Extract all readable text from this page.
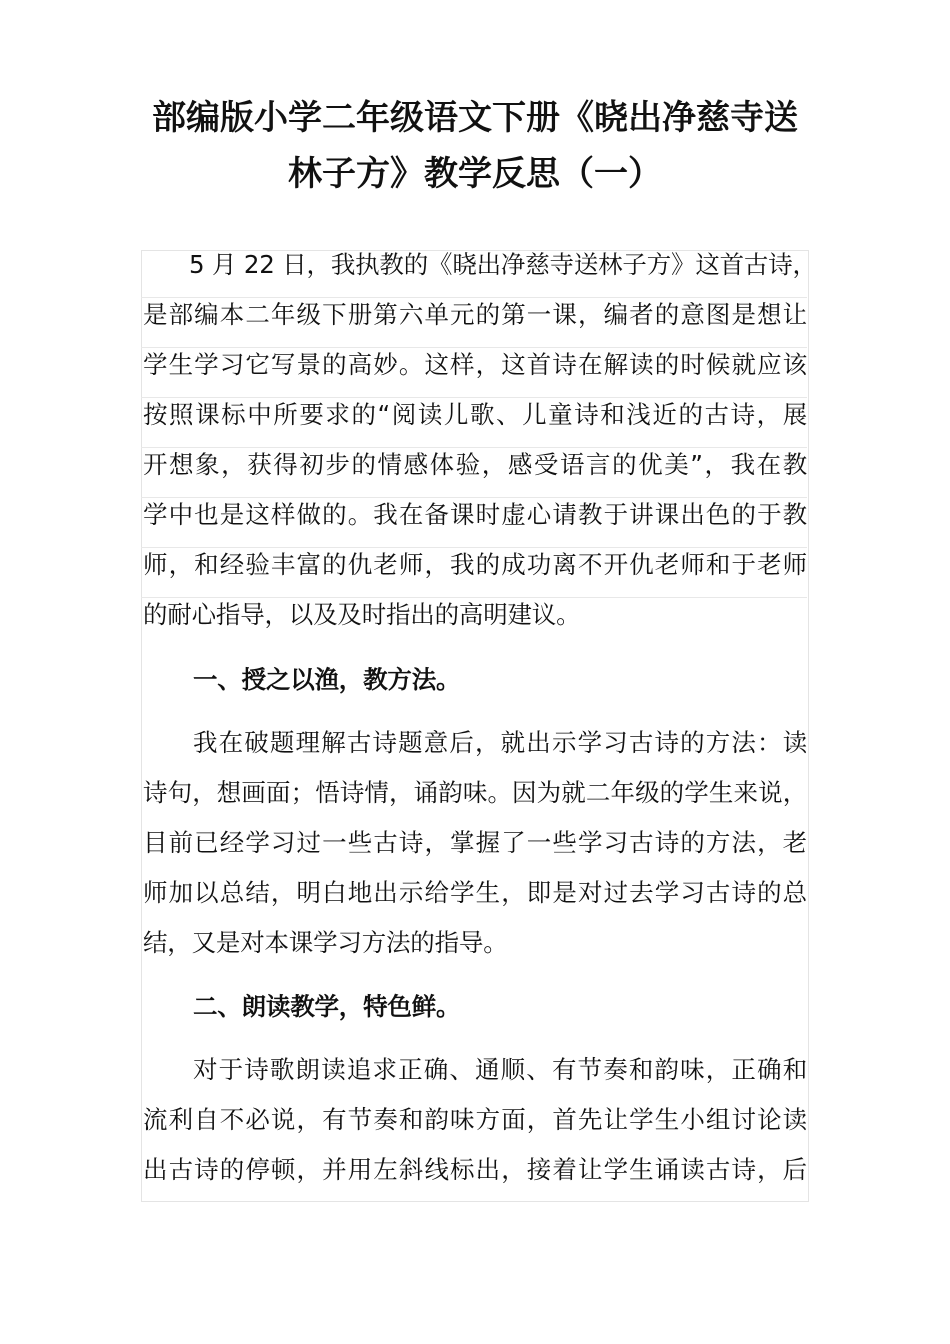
部编版小学二年级语文下册《晓出净慈寺送
林子方》教学反思（一）
5 月 22 日，我执教的《晓出净慈寺送林子方》这首古诗，
是部编本二年级下册第六单元的第一课，编者的意图是想让
学生学习它写景的高妙。这样，这首诗在解读的时候就应该
按照课标中所要求的“阅读儿歌、儿童诗和浅近的古诗，展
开想象，获得初步的情感体验，感受语言的优美”，我在教
学中也是这样做的。我在备课时虚心请教于讲课出色的于教
师，和经验丰富的仇老师，我的成功离不开仇老师和于老师
的耐心指导，以及及时指出的高明建议。
一、授之以渔，教方法。
我在破题理解古诗题意后，就出示学习古诗的方法：读
诗句，想画面；悟诗情，诵韵味。因为就二年级的学生来说，
目前已经学习过一些古诗，掌握了一些学习古诗的方法，老
师加以总结，明白地出示给学生，即是对过去学习古诗的总
结，又是对本课学习方法的指导。
二、朗读教学，特色鲜。
对于诗歌朗读追求正确、通顺、有节奏和韵味，正确和
流利自不必说，有节奏和韵味方面，首先让学生小组讨论读
出古诗的停顿，并用左斜线标出，接着让学生诵读古诗，后
